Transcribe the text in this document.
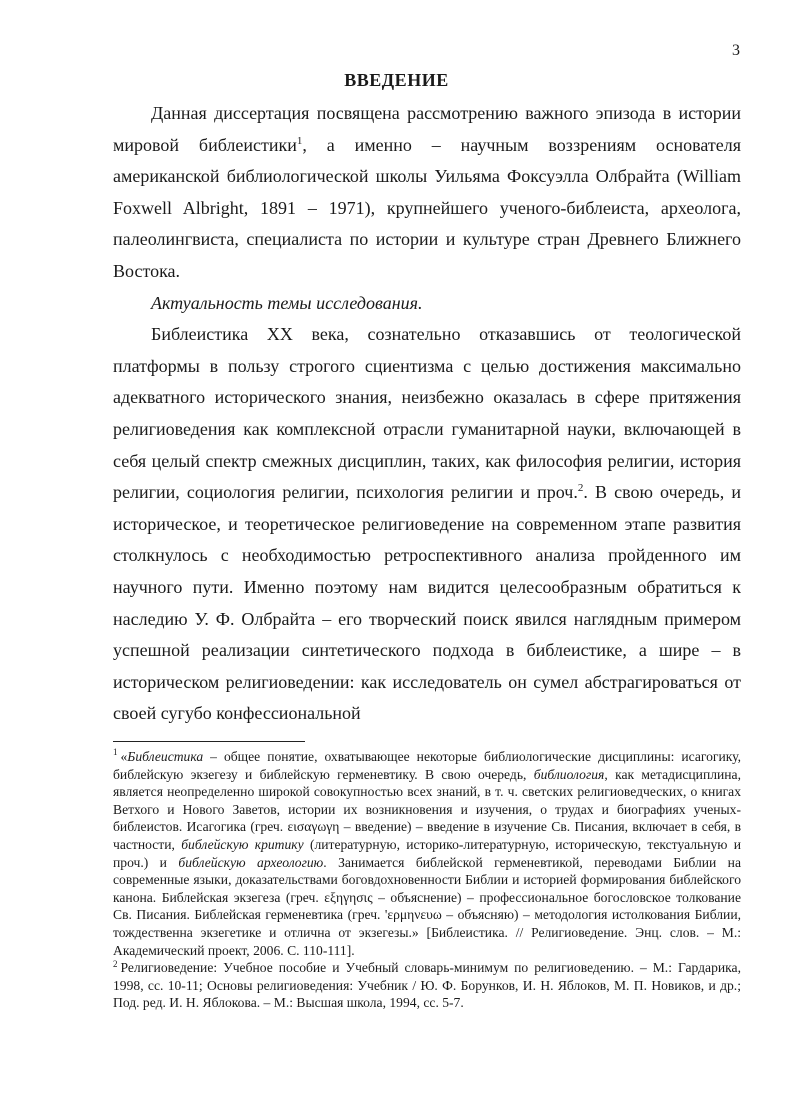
3
ВВЕДЕНИЕ

Данная диссертация посвящена рассмотрению важного эпизода в истории мировой библеистики$^1$, а именно – научным воззрениям основателя американской библиологической школы Уильяма Фоксуэлла Олбрайта (William Foxwell Albright, 1891 – 1971), крупнейшего ученого-библеиста, археолога, палеолингвиста, специалиста по истории и культуре стран Древнего Ближнего Востока.

Актуальность темы исследования.

Библеистика XX века, сознательно отказавшись от теологической платформы в пользу строгого сциентизма с целью достижения максимально адекватного исторического знания, неизбежно оказалась в сфере притяжения религиоведения как комплексной отрасли гуманитарной науки, включающей в себя целый спектр смежных дисциплин, таких, как философия религии, история религии, социология религии, психология религии и проч.$^2$. В свою очередь, и историческое, и теоретическое религиоведение на современном этапе развития столкнулось с необходимостью ретроспективного анализа пройденного им научного пути. Именно поэтому нам видится целесообразным обратиться к наследию У. Ф. Олбрайта – его творческий поиск явился наглядным примером успешной реализации синтетического подхода в библеистике, а шире – в историческом религиоведении: как исследователь он сумел абстрагироваться от своей сугубо конфессиональной

$^1$ «Библеистика – общее понятие, охватывающее некоторые библиологические дисциплины: исагогику, библейскую экзегезу и библейскую герменевтику. В свою очередь, библиология, как метадисциплина, является неопределенно широкой совокупностью всех знаний, в т. ч. светских религиоведческих, о книгах Ветхого и Нового Заветов, истории их возникновения и изучения, о трудах и биографиях ученых-библеистов. Исагогика (греч. εισαγωγη – введение) – введение в изучение Св. Писания, включает в себя, в частности, библейскую критику (литературную, историко-литературную, историческую, текстуальную и проч.) и библейскую археологию. Занимается библейской герменевтикой, переводами Библии на современные языки, доказательствами боговдохновенности Библии и историей формирования библейского канона. Библейская экзегеза (греч. εξηγησις – объяснение) – профессиональное богословское толкование Св. Писания. Библейская герменевтика (греч. 'ερμηνευω – объясняю) – методология истолкования Библии, тождественна экзегетике и отлична от экзегезы.» [Библеистика. // Религиоведение. Энц. слов. – М.: Академический проект, 2006. С. 110-111].

$^2$ Религиоведение: Учебное пособие и Учебный словарь-минимум по религиоведению. – М.: Гардарика, 1998, сс. 10-11; Основы религиоведения: Учебник / Ю. Ф. Борунков, И. Н. Яблоков, М. П. Новиков, и др.; Под. ред. И. Н. Яблокова. – М.: Высшая школа, 1994, сс. 5-7.
